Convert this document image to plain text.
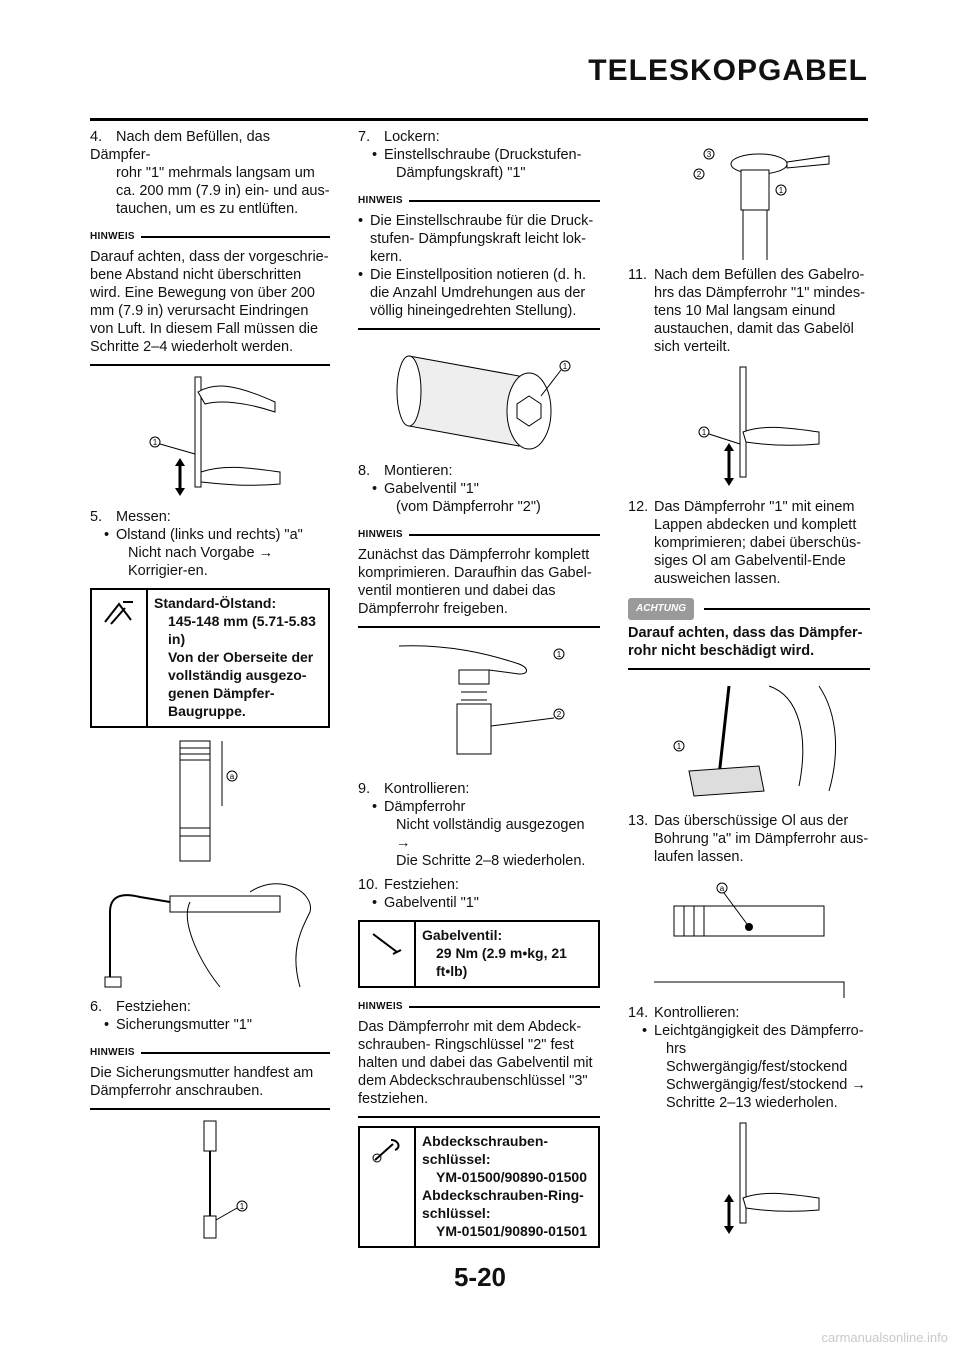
TELESKOPGABEL
4. Nach dem Befüllen, das Dämpfer-
rohr "1" mehrmals langsam um ca. 200 mm (7.9 in) ein- und aus-tauchen, um es zu entlüften.
HINWEIS
Darauf achten, dass der vorgeschrie-bene Abstand nicht überschritten wird. Eine Bewegung von über 200 mm (7.9 in) verursacht Eindringen von Luft. In diesem Fall müssen die Schritte 2–4 wiederholt werden.
1
5. Messen:
• Olstand (links und rechts) "a"
Nicht nach Vorgabe → Korrigier-en.
Standard-Ölstand:
145-148 mm (5.71-5.83 in)
Von der Oberseite der vollständig ausgezo-genen Dämpfer-Baugruppe.
a
6. Festziehen:
• Sicherungsmutter "1"
HINWEIS
Die Sicherungsmutter handfest am Dämpferrohr anschrauben.
1
7. Lockern:
• Einstellschraube (Druckstufen-
Dämpfungskraft) "1"
HINWEIS
• Die Einstellschraube für die Druck-stufen- Dämpfungskraft leicht lok-kern.
• Die Einstellposition notieren (d. h. die Anzahl Umdrehungen aus der völlig hineingedrehten Stellung).
1
8. Montieren:
• Gabelventil "1"
(vom Dämpferrohr "2")
HINWEIS
Zunächst das Dämpferrohr komplett komprimieren. Daraufhin das Gabel-ventil montieren und dabei das Dämpferrohr freigeben.
1
2
9. Kontrollieren:
• Dämpferrohr
Nicht vollständig ausgezogen →
Die Schritte 2–8 wiederholen.
10. Festziehen:
• Gabelventil "1"
Gabelventil:
29 Nm (2.9 m•kg, 21 ft•lb)
HINWEIS
Das Dämpferrohr mit dem Abdeck-schrauben- Ringschlüssel "2" fest halten und dabei das Gabelventil mit dem Abdeckschraubenschlüssel "3" festziehen.
Abdeckschrauben-schlüssel:
YM-01500/90890-01500
Abdeckschrauben-Ring-schlüssel:
YM-01501/90890-01501
3
2
1
11. Nach dem Befüllen des Gabelro-
hrs das Dämpferrohr "1" mindes-tens 10 Mal langsam einund austauchen, damit das Gabelöl sich verteilt.
1
12. Das Dämpferrohr "1" mit einem
Lappen abdecken und komplett komprimieren; dabei überschüs-siges Ol am Gabelventil-Ende ausweichen lassen.
ACHTUNG
Darauf achten, dass das Dämpfer-rohr nicht beschädigt wird.
1
13. Das überschüssige Ol aus der
Bohrung "a" im Dämpferrohr aus-laufen lassen.
a
14. Kontrollieren:
• Leichtgängigkeit des Dämpferro-
hrs Schwergängig/fest/stockend Schwergängig/fest/stockend → Schritte 2–13 wiederholen.
5-20
carmanualsonline.info
